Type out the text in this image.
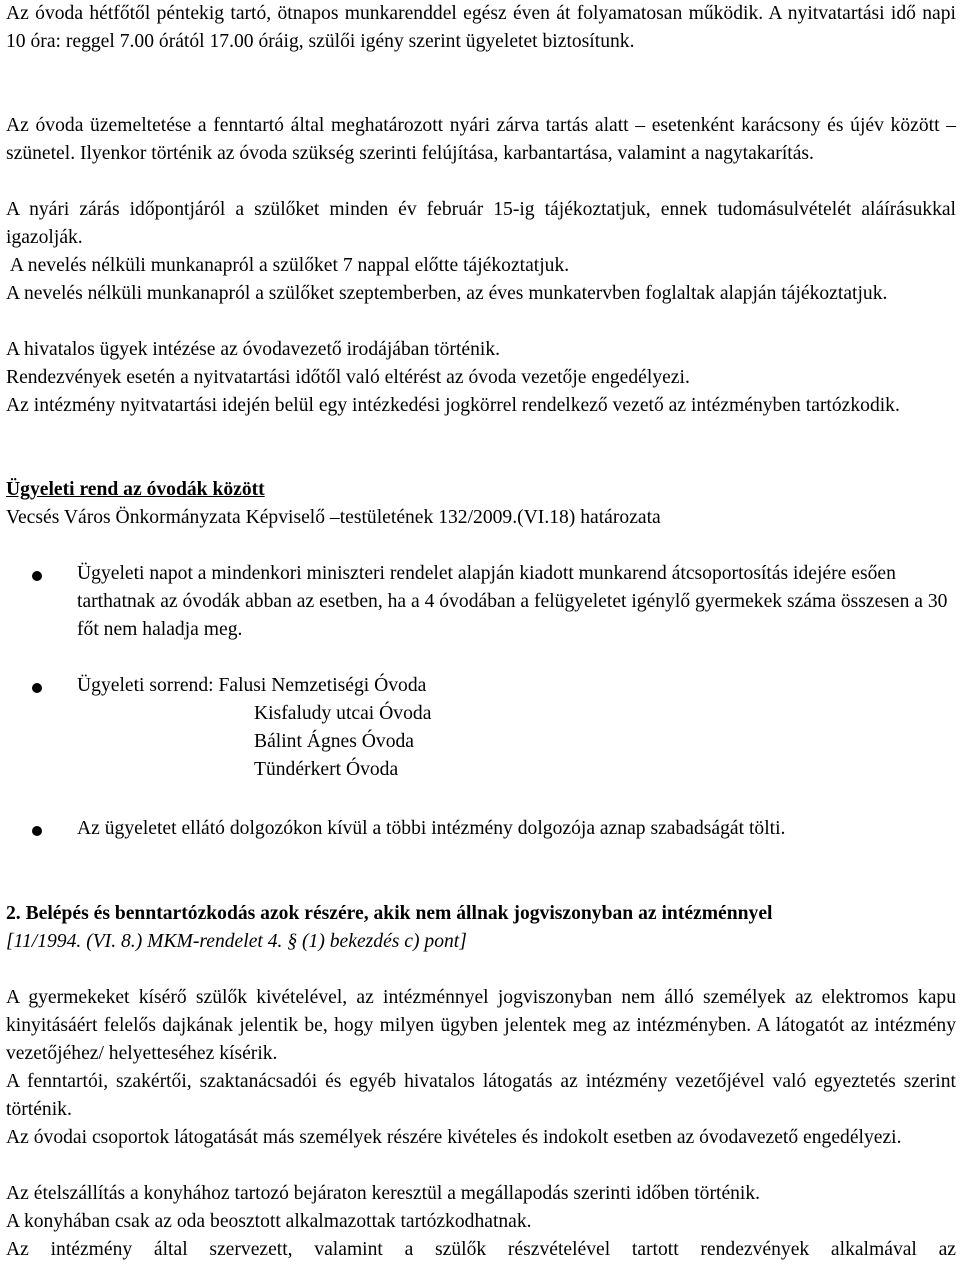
Az óvoda hétfőtől péntekig tartó, ötnapos munkarenddel egész éven át folyamatosan működik. A nyitvatartási idő napi 10 óra: reggel 7.00 órától 17.00 óráig, szülői igény szerint ügyeletet biztosítunk.

Az óvoda üzemeltetése a fenntartó által meghatározott nyári zárva tartás alatt – esetenként karácsony és újév között – szünetel. Ilyenkor történik az óvoda szükség szerinti felújítása, karbantartása, valamint a nagytakarítás.

A nyári zárás időpontjáról a szülőket minden év február 15-ig tájékoztatjuk, ennek tudomásulvételét aláírásukkal igazolják.

A nevelés nélküli munkanapról a szülőket 7 nappal előtte tájékoztatjuk.

A nevelés nélküli munkanapról a szülőket szeptemberben, az éves munkatervben foglaltak alapján tájékoztatjuk.

A hivatalos ügyek intézése az óvodavezető irodájában történik.

Rendezvények esetén a nyitvatartási időtől való eltérést az óvoda vezetője engedélyezi.

Az intézmény nyitvatartási idején belül egy intézkedési jogkörrel rendelkező vezető az intézményben tartózkodik.

Ügyeleti rend az óvodák között

Vecsés Város Önkormányzata Képviselő –testületének 132/2009.(VI.18) határozata

Ügyeleti napot a mindenkori miniszteri rendelet alapján kiadott munkarend átcsoportosítás idejére esően tarthatnak az óvodák abban az esetben, ha a 4 óvodában a felügyeletet igénylő gyermekek száma összesen a 30 főt nem haladja meg.

Ügyeleti sorrend: Falusi Nemzetiségi Óvoda

Kisfaludy utcai Óvoda
Bálint Ágnes Óvoda
Tündérkert Óvoda

Az ügyeletet ellátó dolgozókon kívül a többi intézmény dolgozója aznap szabadságát tölti.

2. Belépés és benntartózkodás azok részére, akik nem állnak jogviszonyban az intézménnyel

[11/1994. (VI. 8.) MKM-rendelet 4. § (1) bekezdés c) pont]

A gyermekeket kísérő szülők kivételével, az intézménnyel jogviszonyban nem álló személyek az elektromos kapu kinyitásáért felelős dajkának jelentik be, hogy milyen ügyben jelentek meg az intézményben. A látogatót az intézmény vezetőjéhez/ helyetteséhez kísérik.

A fenntartói, szakértői, szaktanácsadói és egyéb hivatalos látogatás az intézmény vezetőjével való egyeztetés szerint történik.

Az óvodai csoportok látogatását más személyek részére kivételes és indokolt esetben az óvodavezető engedélyezi.

Az ételszállítás a konyhához tartozó bejáraton keresztül a megállapodás szerinti időben történik.

A konyhában csak az oda beosztott alkalmazottak tartózkodhatnak.

Az intézmény által szervezett, valamint a szülők részvételével tartott rendezvények alkalmával az
